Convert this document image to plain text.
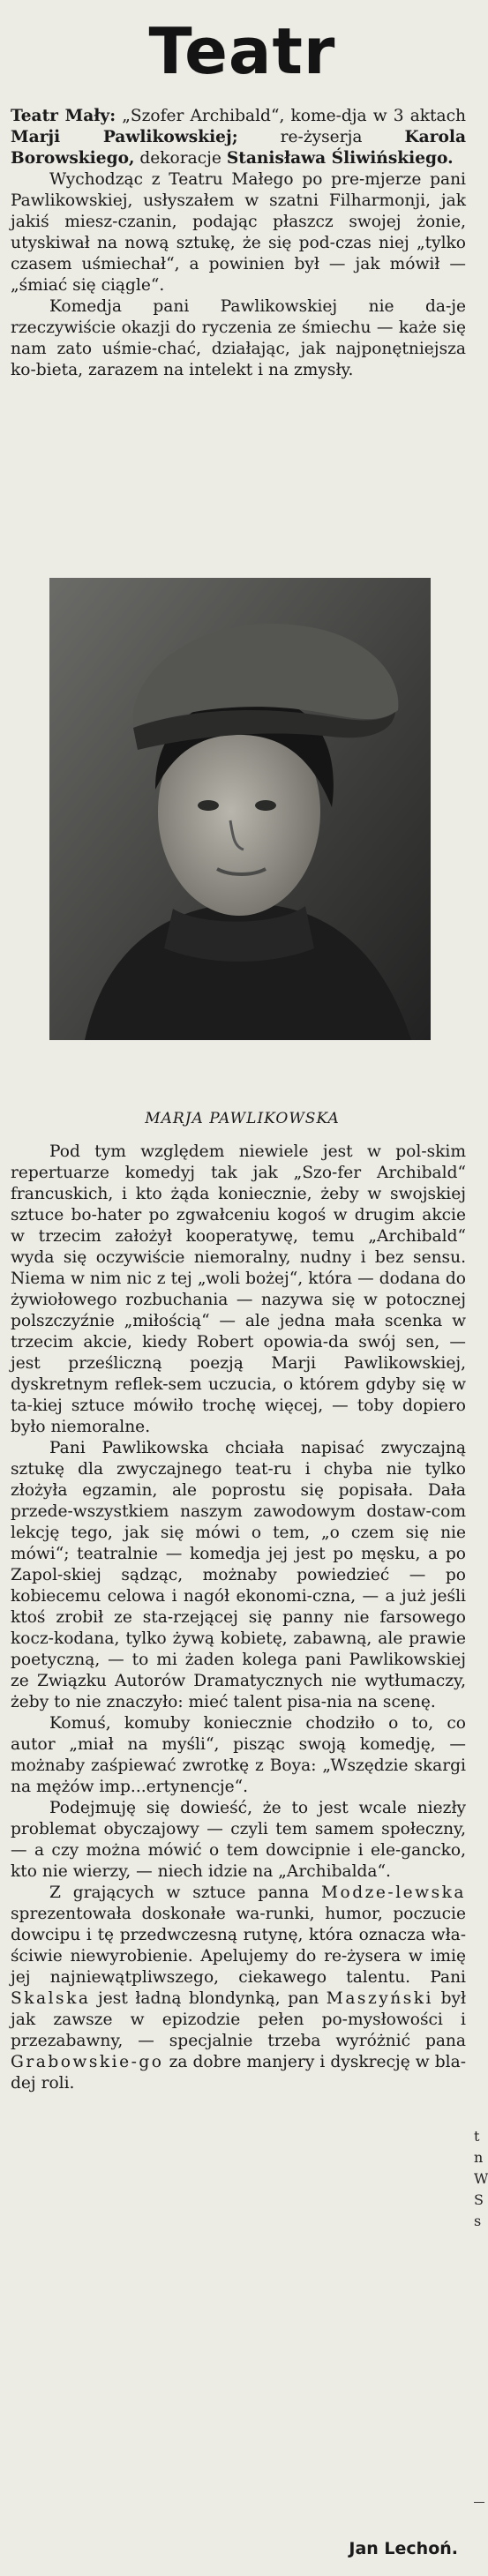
Teatr

Teatr Mały: „Szofer Archibald“, kome-dja w 3 aktach Marji Pawlikowskiej;	re-żyserja	Karola Borowskiego, dekoracje Stanisława Śliwińskiego.

Wychodząc z Teatru Małego po pre-mjerze pani Pawlikowskiej, usłyszałem w szatni Filharmonji, jak jakiś miesz-czanin, podając płaszcz swojej żonie, utyskiwał na nową sztukę, że się pod-czas niej „tylko czasem uśmiechał“, a powinien był — jak mówił — „śmiać się ciągle“.

Komedja pani Pawlikowskiej nie da-je rzeczywiście okazji do ryczenia ze śmiechu — każe się nam zato uśmie-chać, działając, jak najponętniejsza ko-bieta, zarazem na intelekt i na zmysły.

MARJA PAWLIKOWSKA

Pod tym względem niewiele jest w pol-skim repertuarze komedyj tak jak „Szo-fer Archibald“ francuskich, i kto żąda koniecznie, żeby w swojskiej sztuce bo-hater po zgwałceniu kogoś w drugim akcie w trzecim założył kooperatywę, temu „Archibald“ wyda się oczywiście niemoralny, nudny i bez sensu. Niema w nim nic z tej „woli bożej“, która — dodana do żywiołowego rozbuchania — nazywa się w potocznej polszczyźnie „miłością“ — ale jedna mała scenka w trzecim akcie, kiedy Robert opowia-da swój sen, — jest prześliczną poezją Marji Pawlikowskiej, dyskretnym reflek-sem uczucia, o którem gdyby się w ta-kiej sztuce mówiło trochę więcej, — toby dopiero było niemoralne.

Pani Pawlikowska chciała napisać zwyczajną sztukę dla zwyczajnego teat-ru i chyba nie tylko złożyła egzamin, ale poprostu się popisała. Dała przede-wszystkiem naszym zawodowym dostaw-com lekcję tego, jak się mówi o tem, „o czem się nie mówi“; teatralnie — komedja jej jest po męsku, a po Zapol-skiej sądząc, możnaby powiedzieć — po kobiecemu celowa i nagół ekonomi-czna, — a już jeśli ktoś zrobił ze sta-rzejącej się panny nie farsowego kocz-kodana, tylko żywą kobietę, zabawną, ale prawie poetyczną, — to mi żaden kolega pani Pawlikowskiej ze Związku Autorów Dramatycznych nie wytłumaczy, żeby to nie znaczyło: mieć talent pisa-nia na scenę.

Komuś, komuby koniecznie chodziło o to, co autor „miał na myśli“, pisząc swoją komedję, — możnaby zaśpiewać zwrotkę z Boya: „Wszędzie skargi na mężów imp...ertynencje“.

Podejmuję się dowieść, że to jest wcale niezły problemat obyczajowy — czyli tem samem społeczny, — a czy można mówić o tem dowcipnie i ele-gancko, kto nie wierzy, — niech idzie na „Archibalda“.

Z grających w sztuce panna Modze-lewska sprezentowała doskonałe wa-runki, humor, poczucie dowcipu i tę przedwczesną rutynę, która oznacza wła-ściwie niewyrobienie. Apelujemy do re-żysera w imię jej najniewątpliwszego, ciekawego talentu. Pani Skalska jest ładną blondynką, pan Maszyński był jak zawsze w epizodzie pełen po-mysłowości i przezabawny, — specjalnie trzeba wyróżnić pana Grabowskie-go za dobre manjery i dyskrecję w bla-dej roli.

Jan Lechoń.
t
n
W
S
s
